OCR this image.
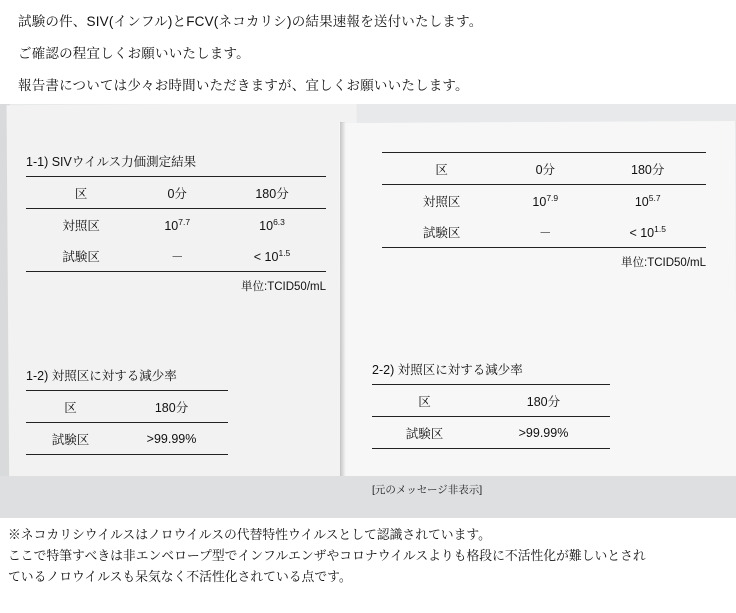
試験の件、SIV(インフル)とFCV(ネコカリシ)の結果速報を送付いたします。
ご確認の程宜しくお願いいたします。
報告書については少々お時間いただきますが、宜しくお願いいたします。
1-1) SIVウイルス力価測定結果
区	0分	180分
対照区	$10^{7.7}$	$10^{6.3}$
試験区	－	< $10^{1.5}$
単位:TCID50/mL
1-2) 対照区に対する減少率
区	180分
試験区	>99.99%
区	0分	180分
対照区	$10^{7.9}$	$10^{5.7}$
試験区	－	< $10^{1.5}$
単位:TCID50/mL
2-2) 対照区に対する減少率
区	180分
試験区	>99.99%
[元のメッセージ非表示]
※ネコカリシウイルスはノロウイルスの代替特性ウイルスとして認識されています。
ここで特筆すべきは非エンベロープ型でインフルエンザやコロナウイルスよりも格段に不活性化が難しいとされ
ているノロウイルスも呆気なく不活性化されている点です。
